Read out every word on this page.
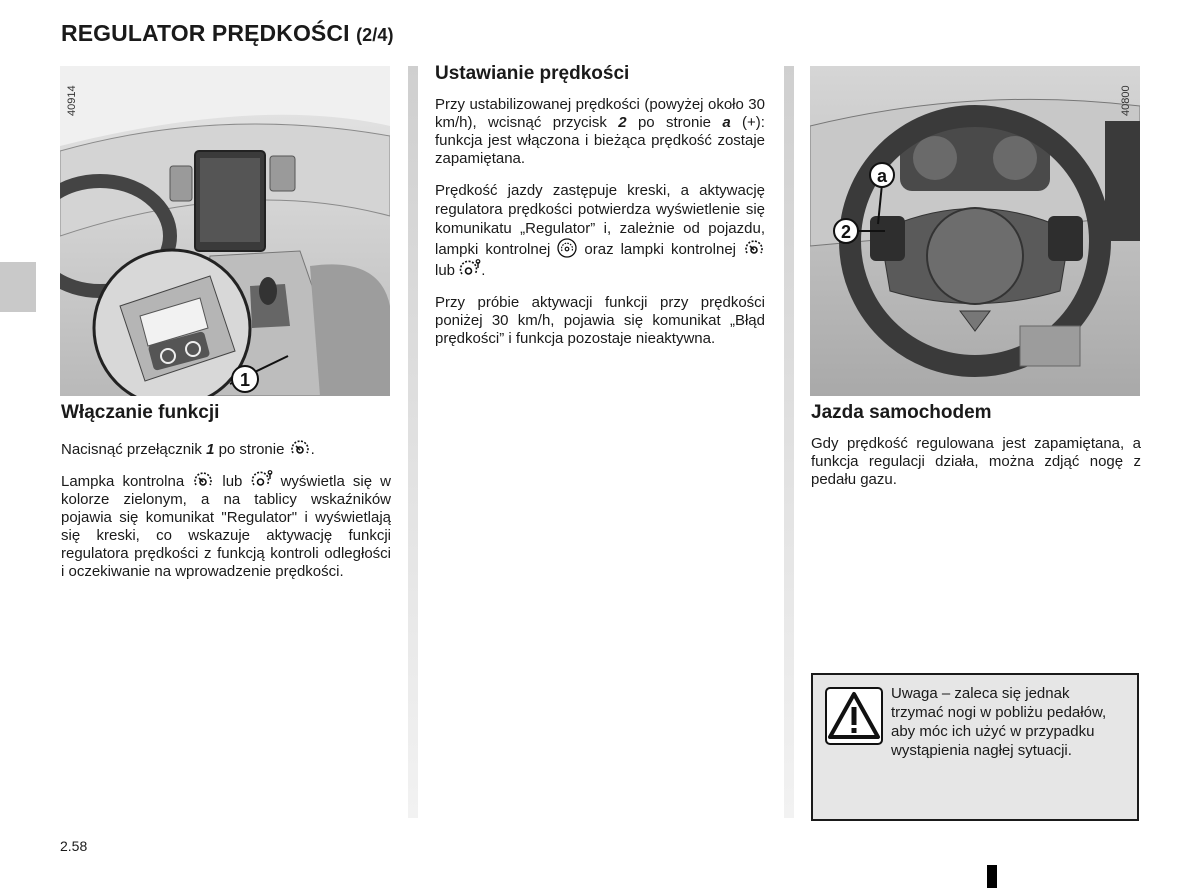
REGULATOR PRĘDKOŚCI (2/4)
1
40914
Włączanie funkcji

Nacisnąć przełącznik 1 po stronie
.

Lampka kontrolna
lub
wyświetla się w kolorze zielonym, a na tablicy wskaźników pojawia się komunikat "Regulator" i wyświetlają się kreski, co wskazuje aktywację funkcji regulatora prędkości z funkcją kontroli odległości i oczekiwanie na wprowadzenie prędkości.

Ustawianie prędkości

Przy ustabilizowanej prędkości (powyżej około 30 km/h), wcisnąć przycisk 2 po stronie a (+): funkcja jest włączona i bieżąca prędkość zostaje zapamiętana.

Prędkość jazdy zastępuje kreski, a aktywację regulatora prędkości potwierdza wyświetlenie się komunikatu „Regulator” i, zależnie od pojazdu, lampki kontrolnej  oraz lampki kontrolnej
lub
.

Przy próbie aktywacji funkcji przy prędkości poniżej 30 km/h, pojawia się komunikat „Błąd prędkości” i funkcja pozostaje nieaktywna.

a
2
40800
Jazda samochodem

Gdy prędkość regulowana jest zapamiętana, a funkcja regulacji działa, można zdjąć nogę z pedału gazu.

Uwaga – zaleca się jednak trzymać nogi w pobliżu pedałów, aby móc ich użyć w przypadku wystąpienia nagłej sytuacji.

2.58
